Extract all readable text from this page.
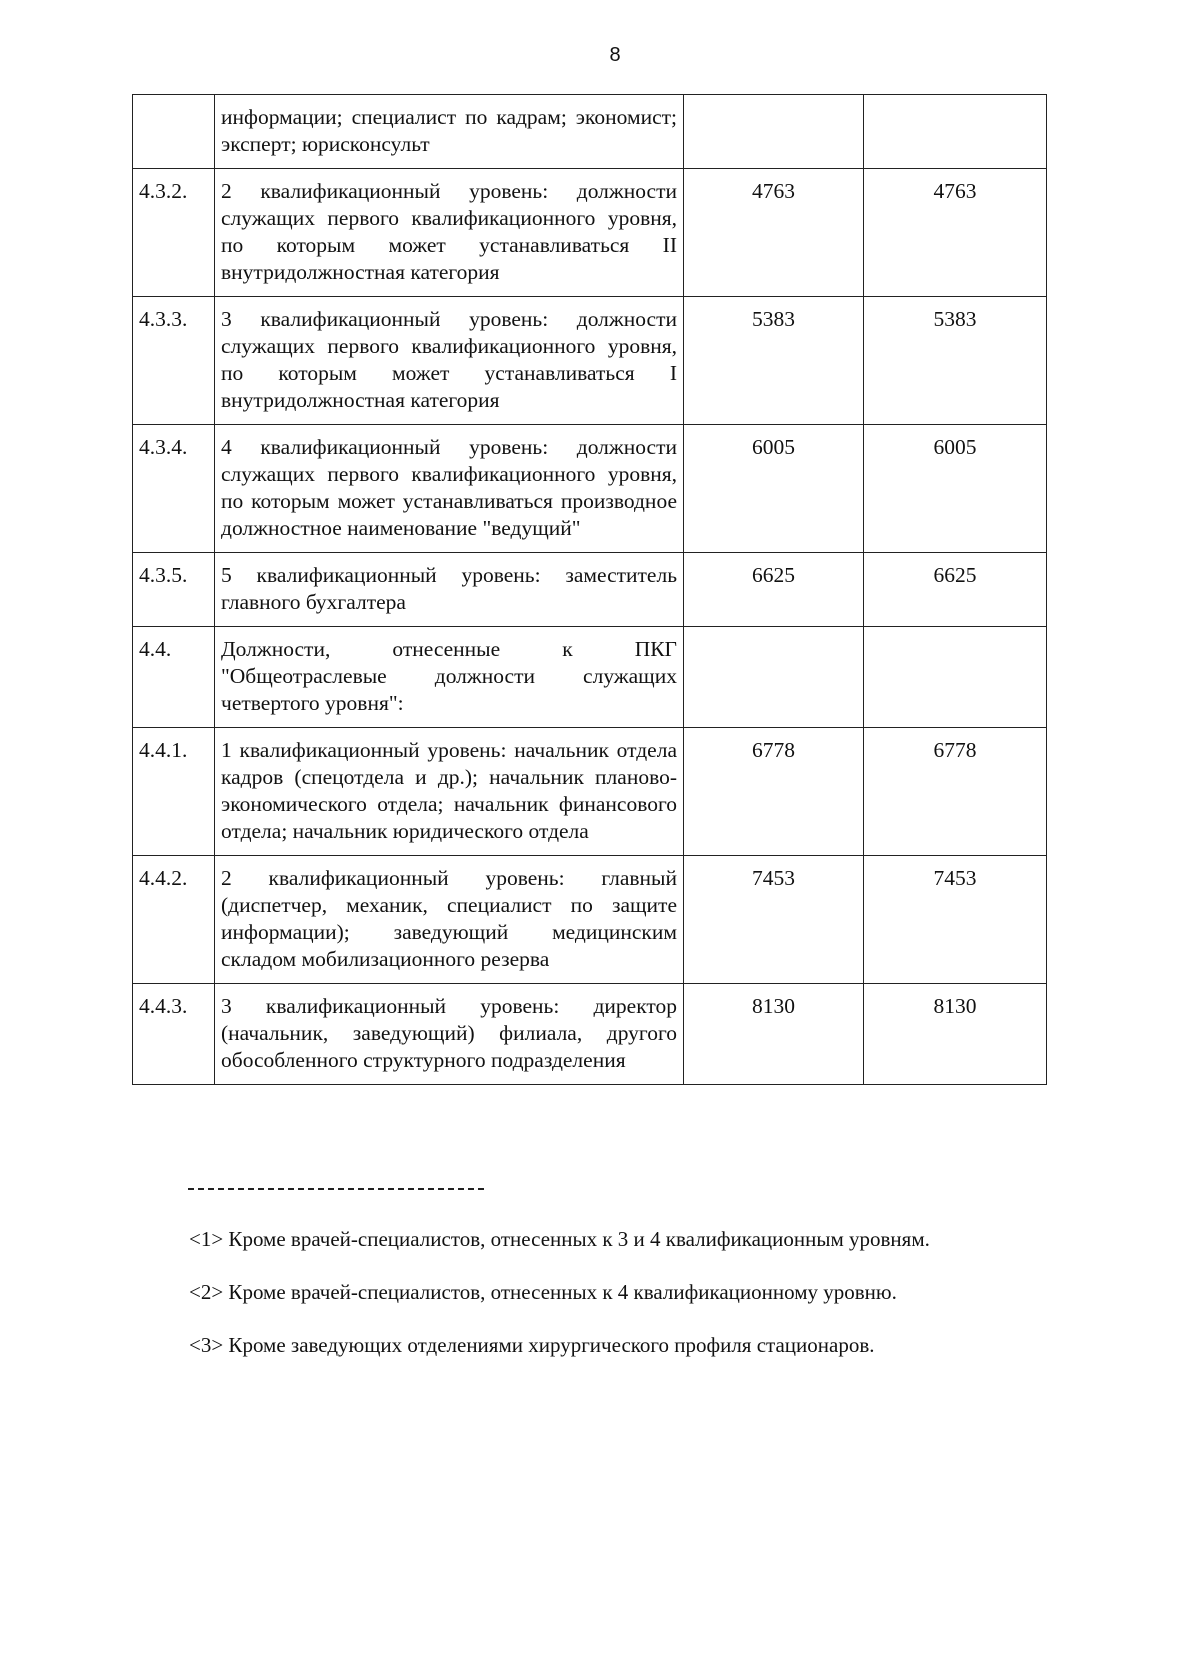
8
	информации; специалист по кадрам; экономист; эксперт; юрисконсульт		
4.3.2.	2 квалификационный уровень: должности служащих первого квалификационного уровня, по которым может устанавливаться II внутридолжностная категория	4763	4763
4.3.3.	3 квалификационный уровень: должности служащих первого квалификационного уровня, по которым может устанавливаться I внутридолжностная категория	5383	5383
4.3.4.	4 квалификационный уровень: должности служащих первого квалификационного уровня, по которым может устанавливаться производное должностное наименование "ведущий"	6005	6005
4.3.5.	5 квалификационный уровень: заместитель главного бухгалтера	6625	6625
4.4.	Должности, отнесенные к ПКГ "Общеотраслевые должности служащих четвертого уровня":		
4.4.1.	1 квалификационный уровень: начальник отдела кадров (спецотдела и др.); начальник планово-экономического отдела; начальник финансового отдела; начальник юридического отдела	6778	6778
4.4.2.	2 квалификационный уровень: главный (диспетчер, механик, специалист по защите информации); заведующий медицинским складом мобилизационного резерва	7453	7453
4.4.3.	3 квалификационный уровень: директор (начальник, заведующий) филиала, другого обособленного структурного подразделения	8130	8130

<1> Кроме врачей-специалистов, отнесенных к 3 и 4 квалификационным уровням.

<2> Кроме врачей-специалистов, отнесенных к 4 квалификационному уровню.

<3> Кроме заведующих отделениями хирургического профиля стационаров.
